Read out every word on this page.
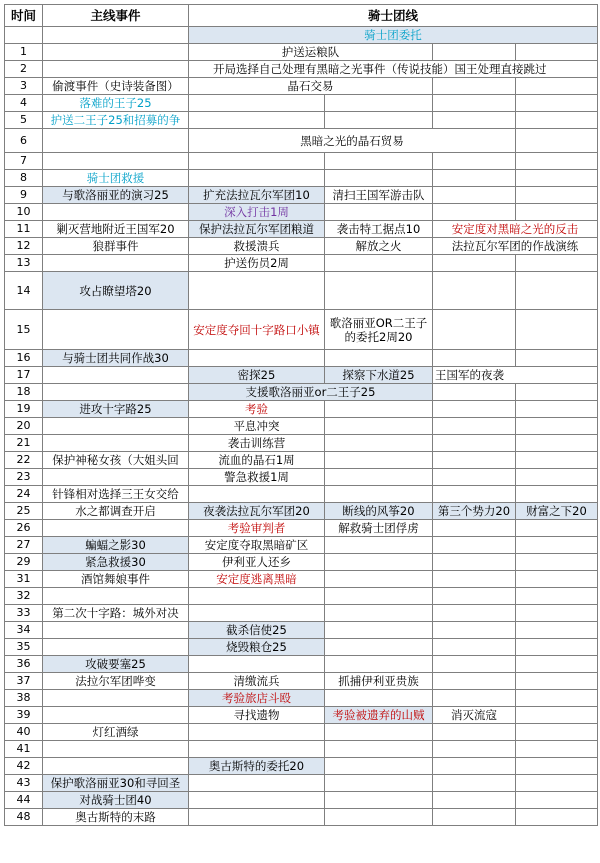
时间	主线事件	骑士团线			
		骑士团委托			
1		护送运粮队			
2		开局选择自己处理有黑暗之光事件（传说技能）国王处理直接跳过			
3	偷渡事件（史诗装备图）	晶石交易			
4	落难的王子25				
5	护送二王子25和招募的争				
6		黑暗之光的晶石贸易			
7					
8	骑士团救援				
9	与歌洛丽亚的演习25	扩充法拉瓦尔军团10	清扫王国军游击队		
10		深入打击1周			
11	剿灭营地附近王国军20	保护法拉瓦尔军团粮道	袭击特工据点10	安定度对黑暗之光的反击	
12	狼群事件	救援溃兵	解放之火	法拉瓦尔军团的作战演练	
13		护送伤员2周			
14	攻占瞭望塔20				
15		安定度夺回十字路口小镇	歌洛丽亚OR二王子的委托2周20		
16	与骑士团共同作战30				
17		密探25	探察下水道25	王国军的夜袭	
18		支援歌洛丽亚or二王子25			
19	进攻十字路25	考验			
20		平息冲突			
21		袭击训练营			
22	保护神秘女孩（大姐头回	流血的晶石1周			
23		警急救援1周			
24	针锋相对选择三王女交给				
25	水之都调查开启	夜袭法拉瓦尔军团20	断线的风筝20	第三个势力20	财富之下20
26		考验审判者	解救骑士团俘虏		
27	蝙蝠之影30	安定度夺取黑暗矿区			
29	紧急救援30	伊利亚人还乡			
31	酒馆舞娘事件	安定度逃离黑暗			
32					
33	第二次十字路：城外对决				
34		截杀信使25			
35		烧毁粮仓25			
36	攻破要塞25				
37	法拉尔军团哗变	清缴流兵	抓捕伊利亚贵族		
38		考验旅店斗殴			
39		寻找遗物	考验被遗弃的山贼	消灭流寇	
40	灯红酒绿				
41					
42		奥古斯特的委托20			
43	保护歌洛丽亚30和寻回圣				
44	对战骑士团40				
48	奥古斯特的末路				
